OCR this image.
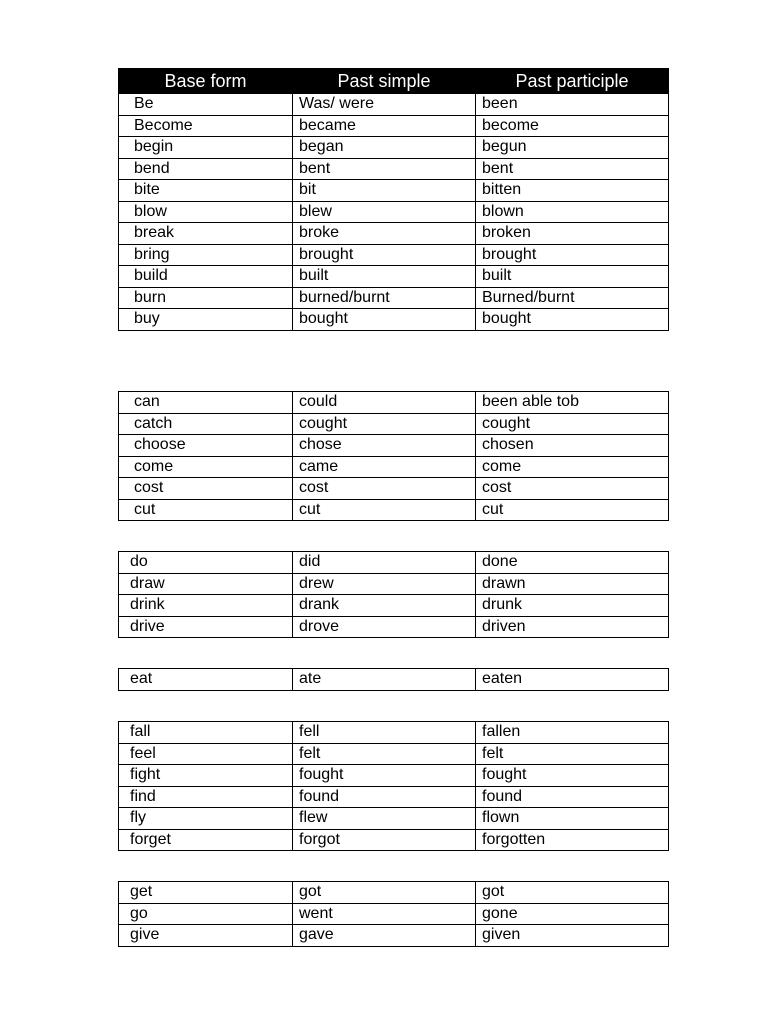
Base form	Past simple	Past participle
Be	Was/ were	been
Become	became	become
begin	began	begun
bend	bent	bent
bite	bit	bitten
blow	blew	blown
break	broke	broken
bring	brought	brought
build	built	built
burn	burned/burnt	Burned/burnt
buy	bought	bought
can	could	been able tob
catch	cought	cought
choose	chose	chosen
come	came	come
cost	cost	cost
cut	cut	cut
do	did	done
draw	drew	drawn
drink	drank	drunk
drive	drove	driven
eat	ate	eaten
fall	fell	fallen
feel	felt	felt
fight	fought	fought
find	found	found
fly	flew	flown
forget	forgot	forgotten
get	got	got
go	went	gone
give	gave	given
